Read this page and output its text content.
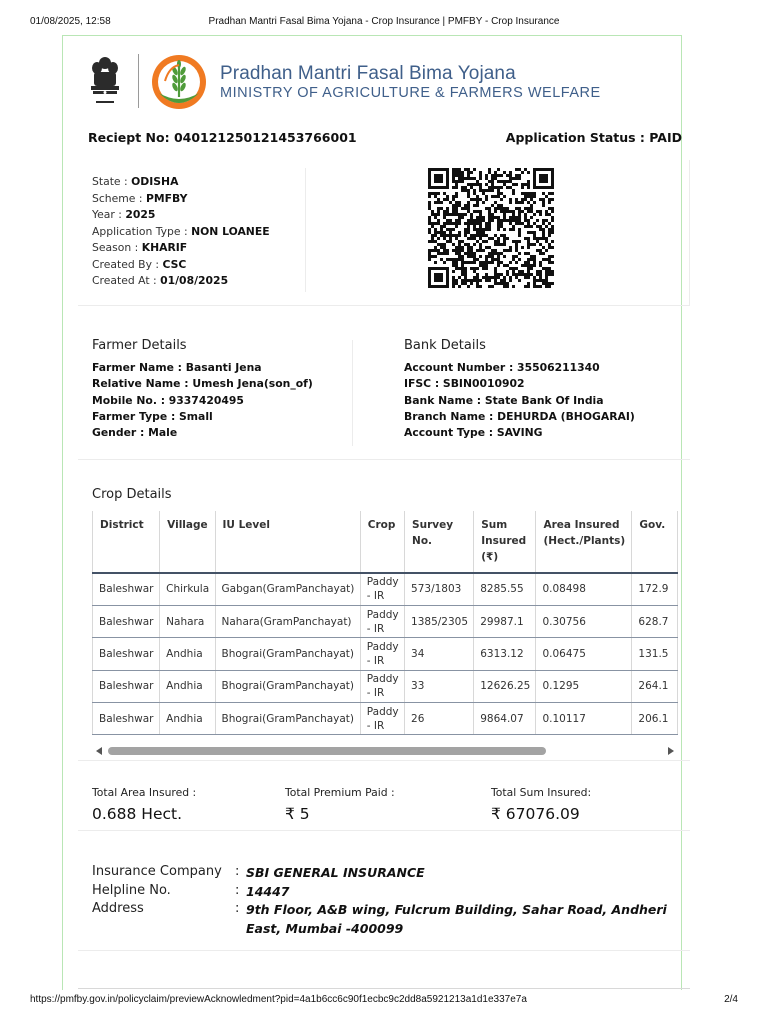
01/08/2025, 12:58	Pradhan Mantri Fasal Bima Yojana - Crop Insurance | PMFBY - Crop Insurance
Pradhan Mantri Fasal Bima Yojana
MINISTRY OF AGRICULTURE & FARMERS WELFARE
Reciept No: 040121250121453766001	Application Status : PAID
State : ODISHA
Scheme : PMFBY
Year : 2025
Application Type : NON LOANEE
Season : KHARIF
Created By : CSC
Created At : 01/08/2025
Farmer Details
Farmer Name : Basanti Jena
Relative Name : Umesh Jena(son_of)
Mobile No. : 9337420495
Farmer Type : Small
Gender : Male
Bank Details
Account Number : 35506211340
IFSC : SBIN0010902
Bank Name : State Bank Of India
Branch Name : DEHURDA (BHOGARAI)
Account Type : SAVING
Crop Details
District	Village	IU Level	Crop	Survey No.	Sum Insured (₹)	Area Insured (Hect./Plants)	Gov.
Baleshwar	Chirkula	Gabgan(GramPanchayat)	Paddy - IR	573/1803	8285.55	0.08498	172.9
Baleshwar	Nahara	Nahara(GramPanchayat)	Paddy - IR	1385/2305	29987.1	0.30756	628.7
Baleshwar	Andhia	Bhograi(GramPanchayat)	Paddy - IR	34	6313.12	0.06475	131.5
Baleshwar	Andhia	Bhograi(GramPanchayat)	Paddy - IR	33	12626.25	0.1295	264.1
Baleshwar	Andhia	Bhograi(GramPanchayat)	Paddy - IR	26	9864.07	0.10117	206.1
Total Area Insured :
0.688 Hect.
Total Premium Paid :
₹ 5
Total Sum Insured:
₹ 67076.09
Insurance Company : SBI GENERAL INSURANCE
Helpline No.	: 14447
Address	: 9th Floor, A&B wing, Fulcrum Building, Sahar Road, Andheri East, Mumbai -400099
https://pmfby.gov.in/policyclaim/previewAcknowledment?pid=4a1b6cc6c90f1ecbc9c2dd8a5921213a1d1e337e7a	2/4
